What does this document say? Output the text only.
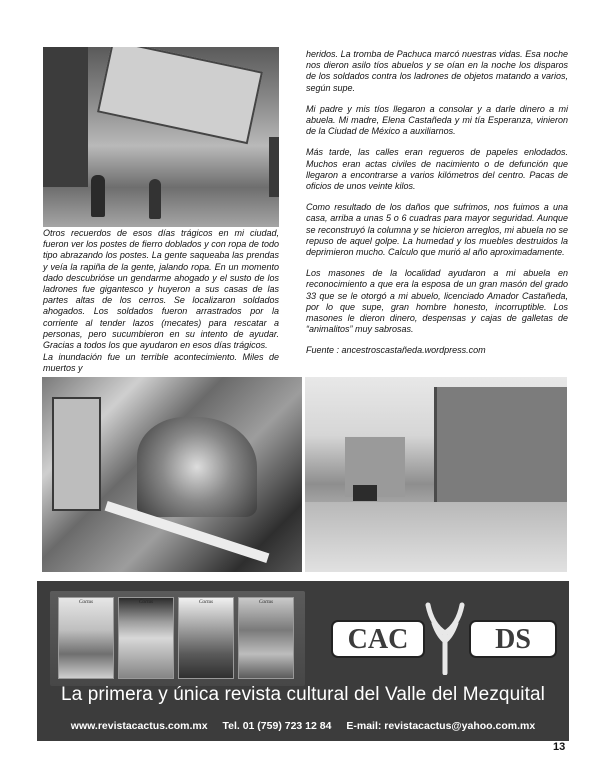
Otros recuerdos de esos días trágicos en mi ciudad, fueron ver los postes de fierro doblados y con ropa de todo tipo abrazando los postes. La gente saqueaba las prendas y veía la rapiña de la gente, jalando ropa. En un momento dado descubrióse un gendarme ahogado y el susto de los ladrones fue gigantesco y huyeron a sus casas de las partes altas de los cerros. Se localizaron soldados ahogados. Los soldados fueron arrastrados por la corriente al tender lazos (mecates) para rescatar a personas, pero sucumbieron en su intento de ayudar. Gracias a todos los que ayudaron en esos días trágicos.

La inundación fue un terrible acontecimiento. Miles de muertos y

heridos. La tromba de Pachuca marcó nuestras vidas. Esa noche nos dieron asilo tíos abuelos y se oían en la noche los disparos de los soldados contra los ladrones de objetos matando a varios, según supe.

Mi padre y mis tíos llegaron a consolar y a darle dinero a mi abuela. Mi madre, Elena Castañeda y mi tía Esperanza, vinieron de la Ciudad de México a auxiliarnos.

Más tarde, las calles eran regueros de papeles enlodados. Muchos eran actas civiles de nacimiento o de defunción que llegaron a encontrarse a varios kilómetros del centro. Pacas de oficios de unos veinte kilos.

Como resultado de los daños que sufrimos, nos fuimos a una casa, arriba a unas 5 o 6 cuadras para mayor seguridad. Aunque se reconstruyó la columna y se hicieron arreglos, mi abuela no se repuso de aquel golpe. La humedad y los muebles destruidos la deprimieron mucho. Calculo que murió al año aproximadamente.

Los masones de la localidad ayudaron a mi abuela en reconocimiento a que era la esposa de un gran masón del grado 33 que se le otorgó a mi abuelo, licenciado Amador Castañeda, por lo que supe, gran hombre honesto, incorruptible. Los masones le dieron dinero, despensas y cajas de galletas de “animalitos” muy sabrosas.

Fuente : ancestroscastañeda.wordpress.com

Cactus	Cactus	Cactus	Cactus
CAC	DS
La primera y única revista cultural del Valle del Mezquital
www.revistacactus.com.mx Tel. 01 (759) 723 12 84 E-mail: revistacactus@yahoo.com.mx
13
